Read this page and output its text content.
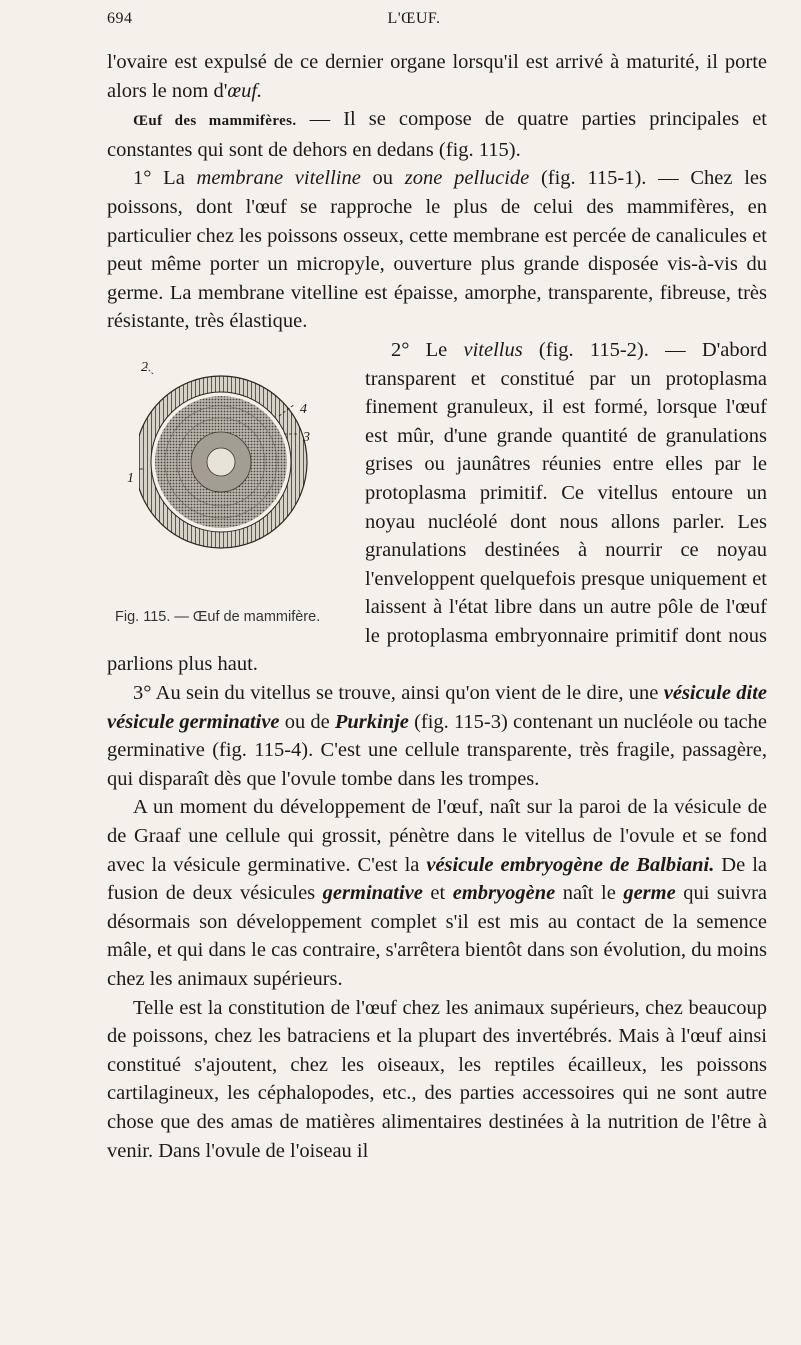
694	L'ŒUF.

l'ovaire est expulsé de ce dernier organe lorsqu'il est arrivé à maturité, il porte alors le nom d'œuf.

Œuf des mammifères. — Il se compose de quatre parties principales et constantes qui sont de dehors en dedans (fig. 115).

1° La membrane vitelline ou zone pellucide (fig. 115-1). — Chez les poissons, dont l'œuf se rapproche le plus de celui des mammifères, en particulier chez les poissons osseux, cette membrane est percée de canalicules et peut même porter un micropyle, ouverture plus grande disposée vis-à-vis du germe. La membrane vitelline est épaisse, amorphe, transparente, fibreuse, très résistante, très élastique.

2
1
4
3
Fig. 115. — Œuf de mammifère.

2° Le vitellus (fig. 115-2). — D'abord transparent et constitué par un protoplasma finement granuleux, il est formé, lorsque l'œuf est mûr, d'une grande quantité de granulations grises ou jaunâtres réunies entre elles par le protoplasma primitif. Ce vitellus entoure un noyau nucléolé dont nous allons parler. Les granulations destinées à nourrir ce noyau l'enveloppent quelquefois presque uniquement et laissent à l'état libre dans un autre pôle de l'œuf le protoplasma embryonnaire primitif dont nous parlions plus haut.

3° Au sein du vitellus se trouve, ainsi qu'on vient de le dire, une vésicule dite vésicule germinative ou de Purkinje (fig. 115-3) contenant un nucléole ou tache germinative (fig. 115-4). C'est une cellule transparente, très fragile, passagère, qui disparaît dès que l'ovule tombe dans les trompes.

A un moment du développement de l'œuf, naît sur la paroi de la vésicule de de Graaf une cellule qui grossit, pénètre dans le vitellus de l'ovule et se fond avec la vésicule germinative. C'est la vésicule embryogène de Balbiani. De la fusion de deux vésicules germinative et embryogène naît le germe qui suivra désormais son développement complet s'il est mis au contact de la semence mâle, et qui dans le cas contraire, s'arrêtera bientôt dans son évolution, du moins chez les animaux supérieurs.

Telle est la constitution de l'œuf chez les animaux supérieurs, chez beaucoup de poissons, chez les batraciens et la plupart des invertébrés. Mais à l'œuf ainsi constitué s'ajoutent, chez les oiseaux, les reptiles écailleux, les poissons cartilagineux, les céphalopodes, etc., des parties accessoires qui ne sont autre chose que des amas de matières alimentaires destinées à la nutrition de l'être à venir. Dans l'ovule de l'oiseau il
